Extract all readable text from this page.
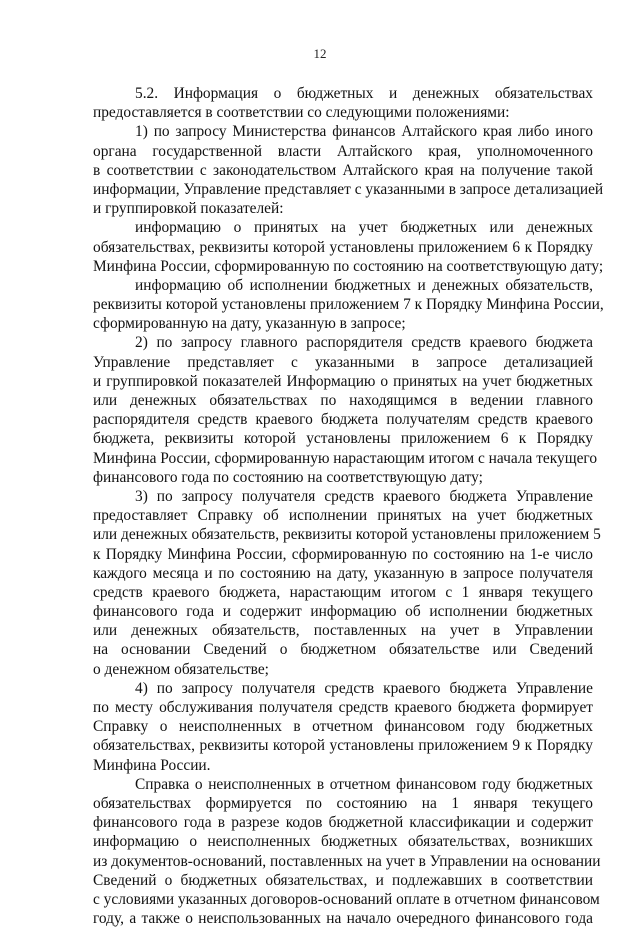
12
5.2. Информация о бюджетных и денежных обязательствах
предоставляется в соответствии со следующими положениями:
1) по запросу Министерства финансов Алтайского края либо иного
органа государственной власти Алтайского края, уполномоченного
в соответствии с законодательством Алтайского края на получение такой
информации, Управление представляет с указанными в запросе детализацией
и группировкой показателей:
информацию о принятых на учет бюджетных или денежных
обязательствах, реквизиты которой установлены приложением 6 к Порядку
Минфина России, сформированную по состоянию на соответствующую дату;
информацию об исполнении бюджетных и денежных обязательств,
реквизиты которой установлены приложением 7 к Порядку Минфина России,
сформированную на дату, указанную в запросе;
2) по запросу главного распорядителя средств краевого бюджета
Управление представляет с указанными в запросе детализацией
и группировкой показателей Информацию о принятых на учет бюджетных
или денежных обязательствах по находящимся в ведении главного
распорядителя средств краевого бюджета получателям средств краевого
бюджета, реквизиты которой установлены приложением 6 к Порядку
Минфина России, сформированную нарастающим итогом с начала текущего
финансового года по состоянию на соответствующую дату;
3) по запросу получателя средств краевого бюджета Управление
предоставляет Справку об исполнении принятых на учет бюджетных
или денежных обязательств, реквизиты которой установлены приложением 5
к Порядку Минфина России, сформированную по состоянию на 1-е число
каждого месяца и по состоянию на дату, указанную в запросе получателя
средств краевого бюджета, нарастающим итогом с 1 января текущего
финансового года и содержит информацию об исполнении бюджетных
или денежных обязательств, поставленных на учет в Управлении
на основании Сведений о бюджетном обязательстве или Сведений
о денежном обязательстве;
4) по запросу получателя средств краевого бюджета Управление
по месту обслуживания получателя средств краевого бюджета формирует
Справку о неисполненных в отчетном финансовом году бюджетных
обязательствах, реквизиты которой установлены приложением 9 к Порядку
Минфина России.
Справка о неисполненных в отчетном финансовом году бюджетных
обязательствах формируется по состоянию на 1 января текущего
финансового года в разрезе кодов бюджетной классификации и содержит
информацию о неисполненных бюджетных обязательствах, возникших
из документов-оснований, поставленных на учет в Управлении на основании
Сведений о бюджетных обязательствах, и подлежавших в соответствии
с условиями указанных договоров-оснований оплате в отчетном финансовом
году, а также о неиспользованных на начало очередного финансового года
